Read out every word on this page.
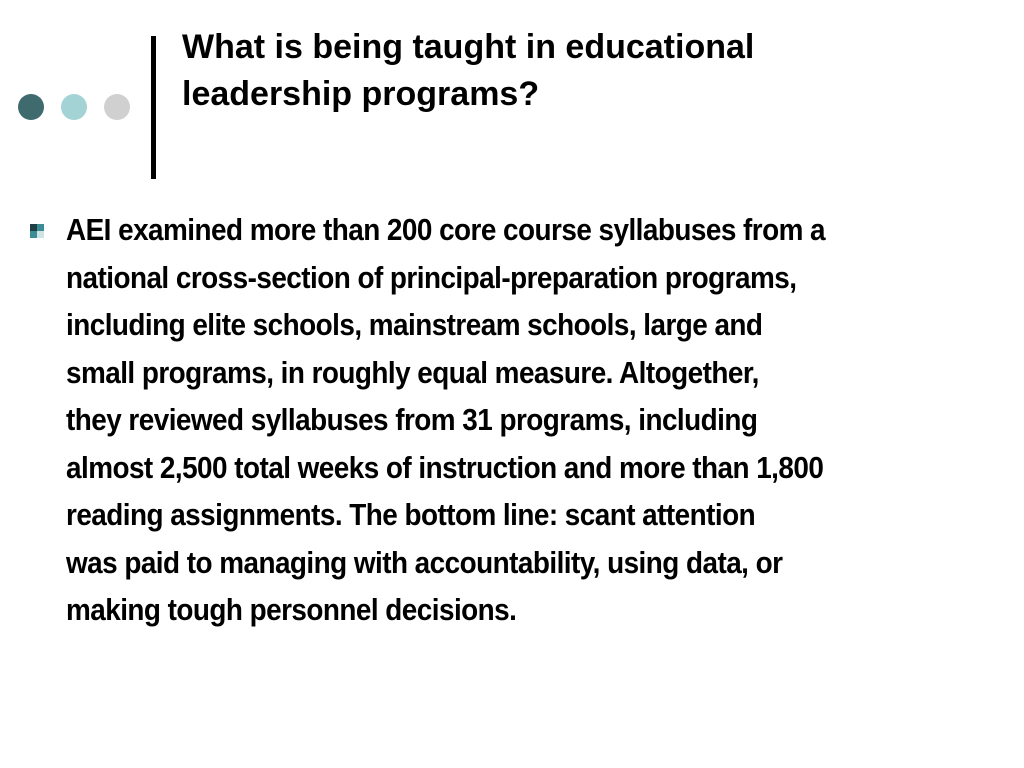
What is being taught in educational
leadership programs?

AEI examined more than 200 core course syllabuses from a
national cross-section of principal-preparation programs,
including elite schools, mainstream schools, large and
small programs, in roughly equal measure. Altogether,
they reviewed syllabuses from 31 programs, including
almost 2,500 total weeks of instruction and more than 1,800
reading assignments. The bottom line: scant attention
was paid to managing with accountability, using data, or
making tough personnel decisions.
